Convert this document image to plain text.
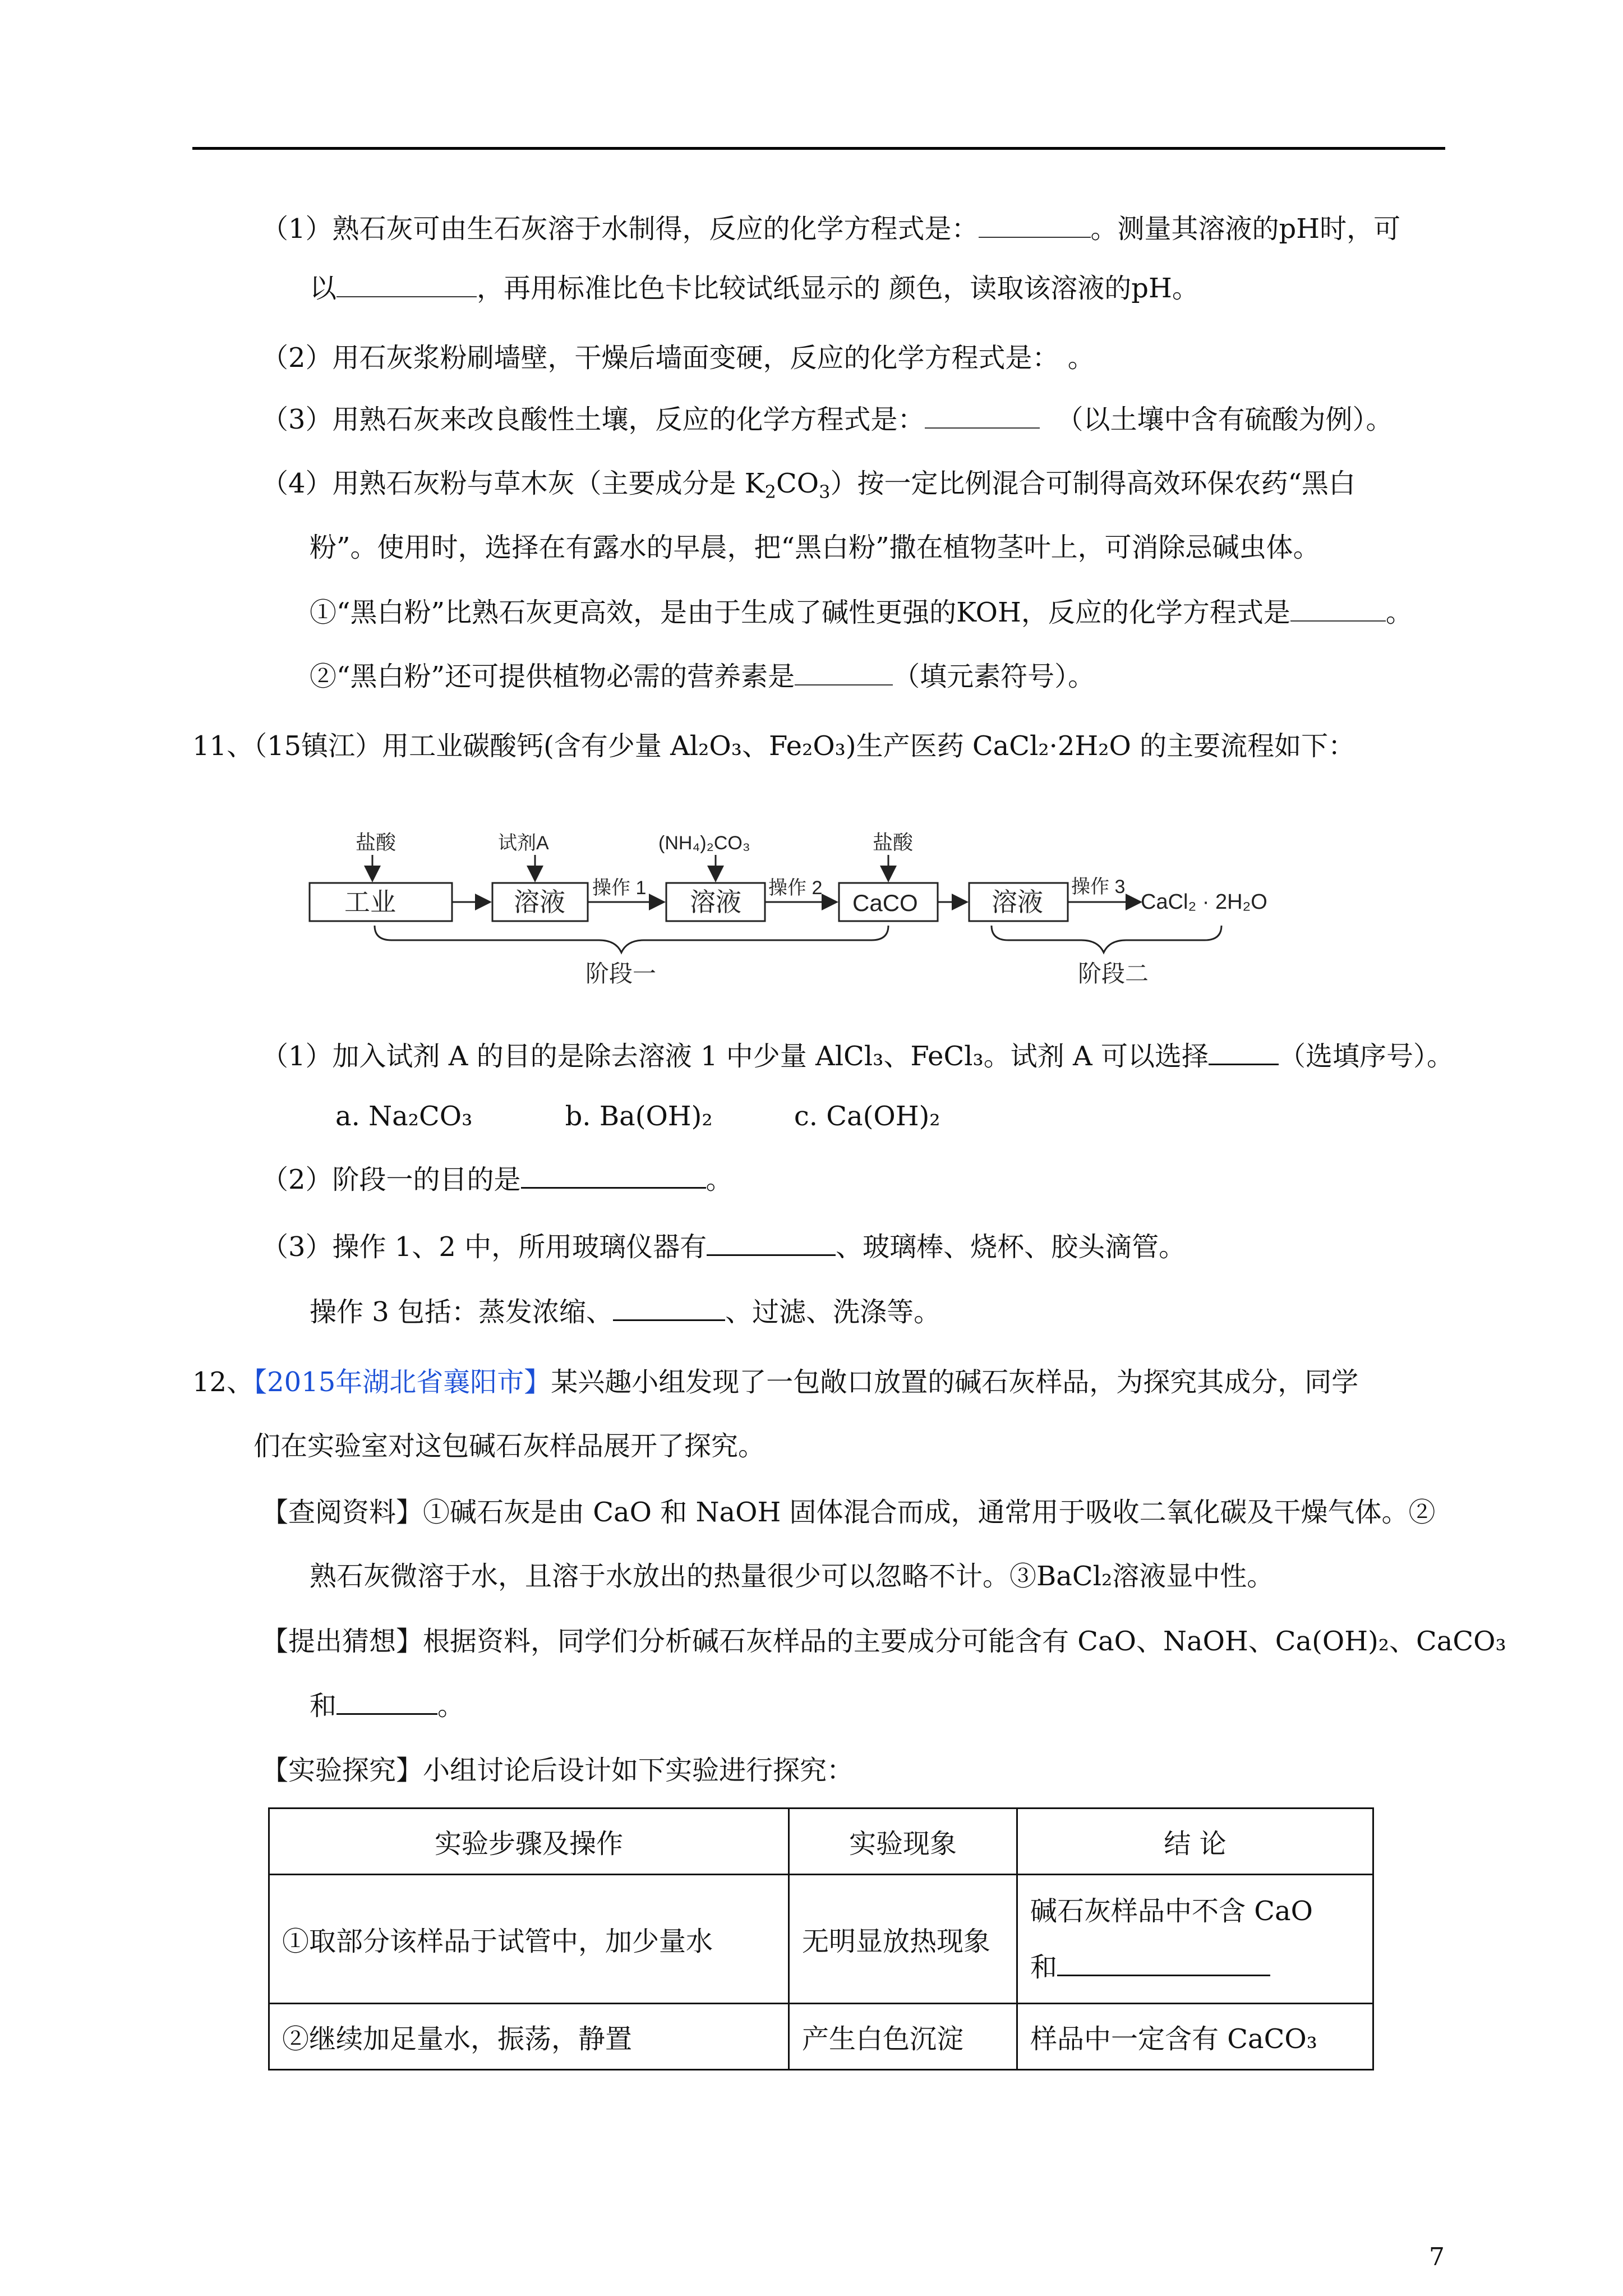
（1）熟石灰可由生石灰溶于水制得，反应的化学方程式是：	。测量其溶液的pH时，可
以	，再用标准比色卡比较试纸显示的 颜色，读取该溶液的pH。
（2）用石灰浆粉刷墙壁，干燥后墙面变硬，反应的化学方程式是： 。
（3）用熟石灰来改良酸性土壤，反应的化学方程式是：	（以土壤中含有硫酸为例）。
（4）用熟石灰粉与草木灰（主要成分是 $K_2CO_3$）按一定比例混合可制得高效环保农药“黑白
粉”。使用时，选择在有露水的早晨，把“黑白粉”撒在植物茎叶上，可消除忌碱虫体。
①“黑白粉”比熟石灰更高效，是由于生成了碱性更强的KOH，反应的化学方程式是	。
②“黑白粉”还可提供植物必需的营养素是	（填元素符号）。
11、（15镇江）用工业碳酸钙(含有少量 Al₂O₃、Fe₂O₃)生产医药 CaCl₂·2H₂O 的主要流程如下：
工业	溶液	溶液	CaCO	溶液
操作 1	操作 2	操作 3
CaCl₂ · 2H₂O
盐酸	试剂A	(NH₄)₂CO₃	盐酸
阶段一	阶段二
（1）加入试剂 A 的目的是除去溶液 1 中少量 AlCl₃、FeCl₃。试剂 A 可以选择	（选填序号）。
a. Na₂CO₃	b. Ba(OH)₂	c. Ca(OH)₂
（2）阶段一的目的是	。
（3）操作 1、2 中，所用玻璃仪器有	、玻璃棒、烧杯、胶头滴管。
操作 3 包括：蒸发浓缩、	、过滤、洗涤等。
12、【2015年湖北省襄阳市】某兴趣小组发现了一包敞口放置的碱石灰样品，为探究其成分，同学
们在实验室对这包碱石灰样品展开了探究。
【查阅资料】①碱石灰是由 CaO 和 NaOH 固体混合而成，通常用于吸收二氧化碳及干燥气体。②
熟石灰微溶于水，且溶于水放出的热量很少可以忽略不计。③BaCl₂溶液显中性。
【提出猜想】根据资料，同学们分析碱石灰样品的主要成分可能含有 CaO、NaOH、Ca(OH)₂、CaCO₃
和	。
【实验探究】小组讨论后设计如下实验进行探究：
实验步骤及操作	实验现象	结 论
①取部分该样品于试管中，加少量水	无明显放热现象	碱石灰样品中不含 CaO
和

②继续加足量水，振荡，静置	产生白色沉淀	样品中一定含有 CaCO₃
7
